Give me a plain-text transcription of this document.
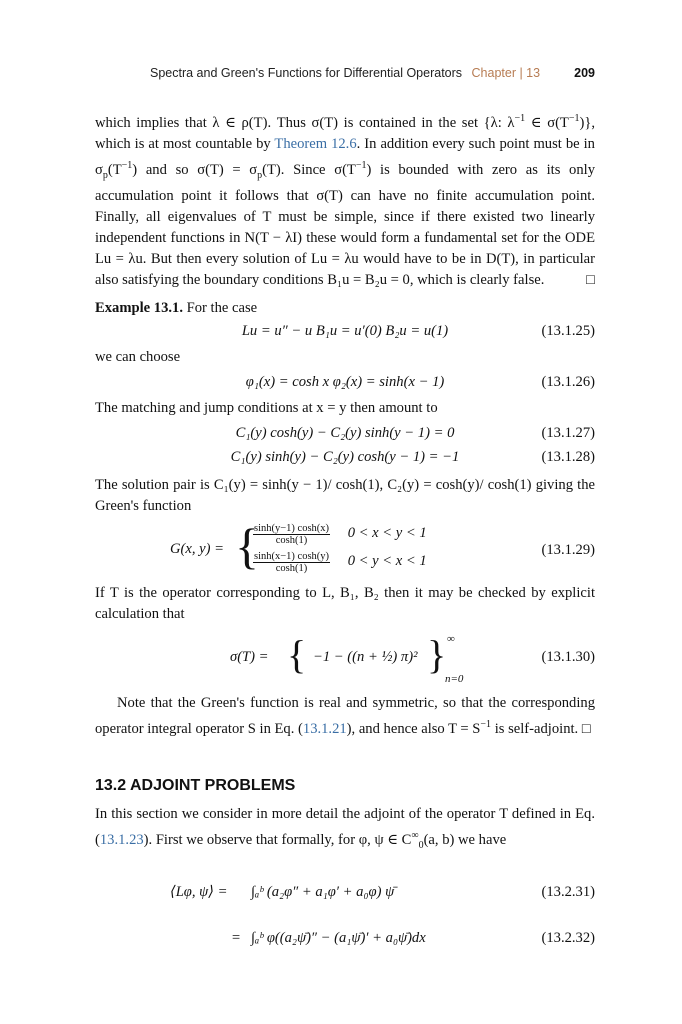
Spectra and Green's Functions for Differential Operators Chapter | 13	209

which implies that λ ∈ ρ(T). Thus σ(T) is contained in the set {λ: $\lambda^{-1}$ ∈ $\sigma(T^{-1})$}, which is at most countable by Theorem 12.6. In addition every such point must be in $\sigma_p(T^{-1})$ and so $\sigma(T) = \sigma_p(T)$. Since $\sigma(T^{-1})$ is bounded with zero as its only accumulation point it follows that σ(T) can have no finite accumulation point. Finally, all eigenvalues of T must be simple, since if there existed two linearly independent functions in N(T − λI) these would form a fundamental set for the ODE Lu = λu. But then every solution of Lu = λu would have to be in D(T), in particular also satisfying the boundary conditions B₁u = B₂u = 0, which is clearly false.	□

Example 13.1. For the case

Lu = u″ − u B₁u = u′(0) B₂u = u(1)	(13.1.25)

we can choose

φ₁(x) = cosh x φ₂(x) = sinh(x − 1)	(13.1.26)

The matching and jump conditions at x = y then amount to

C₁(y) cosh(y) − C₂(y) sinh(y − 1) = 0	(13.1.27)
C₁(y) sinh(y) − C₂(y) cosh(y − 1) = −1	(13.1.28)

The solution pair is C₁(y) = sinh(y − 1)/ cosh(1), C₂(y) = cosh(y)/ cosh(1) giving the Green's function

G(x, y) = {
$\frac{\sinh(y-1) \cosh(x)}{\cosh(1)} 0 < x < y < 1$
$\frac{\sinh(x-1) \cosh(y)}{\cosh(1)} 0 < y < x < 1$
(13.1.29)

If T is the operator corresponding to L, B₁, B₂ then it may be checked by explicit calculation that

σ(T) = { −1 − ((n + ½) π)² } ∞
n=0
(13.1.30)

Note that the Green's function is real and symmetric, so that the corresponding operator integral operator S in Eq. (13.1.21), and hence also $T = S^{-1}$ is self-adjoint. □

13.2 ADJOINT PROBLEMS

In this section we consider in more detail the adjoint of the operator T defined in Eq. (13.1.23). First we observe that formally, for φ, ψ ∈ $C^\infty_0(a$, b) we have

⟨Lφ, ψ⟩ = ∫ₐᵇ (a₂φ″ + a₁φ′ + a₀φ) ψ̄	(13.2.31)
= ∫ₐᵇ φ((a₂ψ̄)″ − (a₁ψ̄)′ + a₀ψ̄)dx	(13.2.32)
